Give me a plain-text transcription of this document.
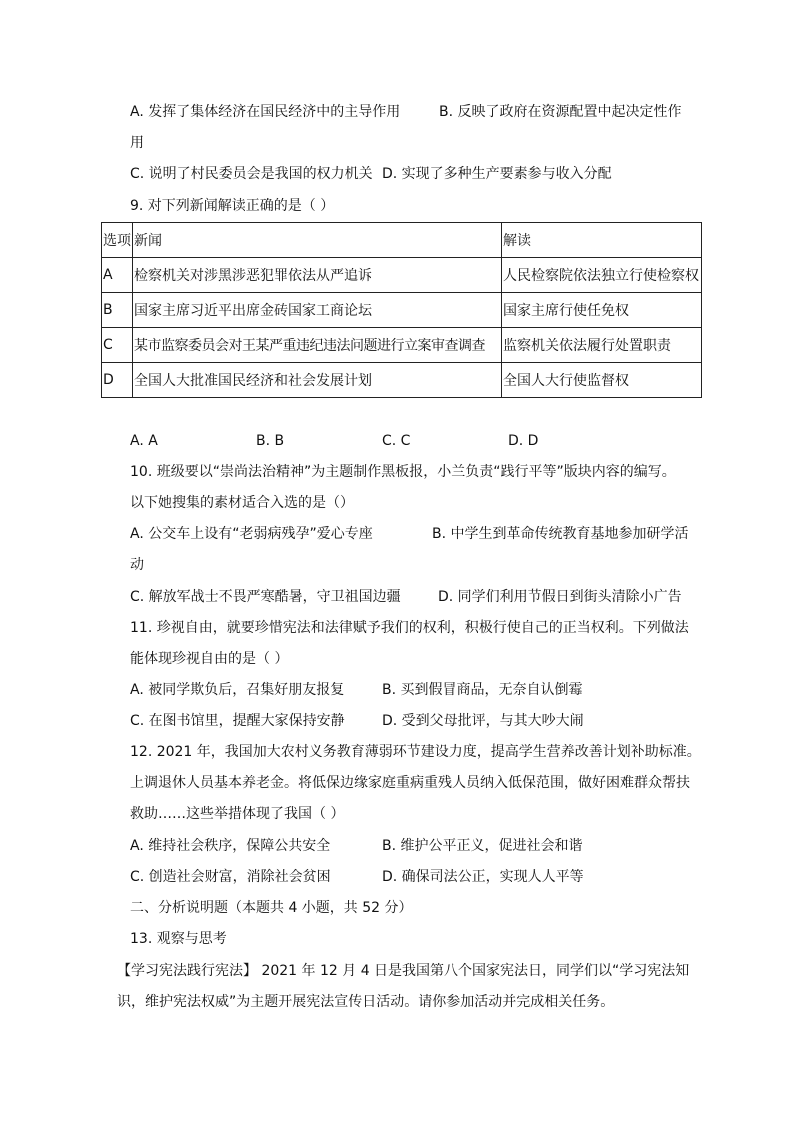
A. 发挥了集体经济在国民经济中的主导作用	B. 反映了政府在资源配置中起决定性作
用
C. 说明了村民委员会是我国的权力机关 D. 实现了多种生产要素参与收入分配
9. 对下列新闻解读正确的是（ ）
选项	新闻	解读
A	检察机关对涉黑涉恶犯罪依法从严追诉	人民检察院依法独立行使检察权
B	国家主席习近平出席金砖国家工商论坛	国家主席行使任免权
C	某市监察委员会对王某严重违纪违法问题进行立案审查调查	监察机关依法履行处置职责
D	全国人大批准国民经济和社会发展计划	全国人大行使监督权
A. A	B. B	C. C	D. D
10. 班级要以“崇尚法治精神”为主题制作黑板报，小兰负责“践行平等”版块内容的编写。
以下她搜集的素材适合入选的是（）
A. 公交车上设有“老弱病残孕”爱心专座	B. 中学生到革命传统教育基地参加研学活
动
C. 解放军战士不畏严寒酷暑，守卫祖国边疆	D. 同学们利用节假日到街头清除小广告
11. 珍视自由，就要珍惜宪法和法律赋予我们的权利，积极行使自己的正当权利。下列做法
能体现珍视自由的是（ ）
A. 被同学欺负后，召集好朋友报复	B. 买到假冒商品，无奈自认倒霉
C. 在图书馆里，提醒大家保持安静	D. 受到父母批评，与其大吵大闹
12. 2021 年，我国加大农村义务教育薄弱环节建设力度，提高学生营养改善计划补助标准。
上调退休人员基本养老金。将低保边缘家庭重病重残人员纳入低保范围，做好困难群众帮扶
救助……这些举措体现了我国（ ）
A. 维持社会秩序，保障公共安全	B. 维护公平正义，促进社会和谐
C. 创造社会财富，消除社会贫困	D. 确保司法公正，实现人人平等
二、分析说明题（本题共 4 小题，共 52 分）
13. 观察与思考
【学习宪法践行宪法】 2021 年 12 月 4 日是我国第八个国家宪法日，同学们以“学习宪法知
识，维护宪法权威”为主题开展宪法宣传日活动。请你参加活动并完成相关任务。
